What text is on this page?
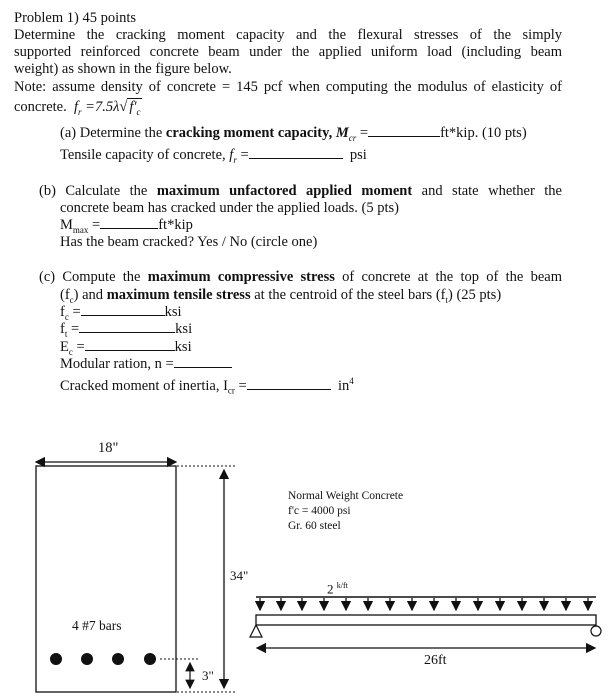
Problem 1) 45 points
Determine the cracking moment capacity and the flexural stresses of the simply
supported reinforced concrete beam under the applied uniform load (including beam
weight) as shown in the figure below.
Note: assume density of concrete = 145 pcf when computing the modulus of elasticity of
concrete. $f_r =7.5\lambda√$ $f'_c$
(a) Determine the cracking moment capacity, $M_{cr}$ =	ft*kip. (10 pts)
Tensile capacity of concrete, $f_r$ =	psi
(b) Calculate the maximum unfactored applied moment and state whether the
concrete beam has cracked under the applied loads. (5 pts)
$M_{max}$ =	ft*kip
Has the beam cracked? Yes / No (circle one)
(c) Compute the maximum compressive stress of concrete at the top of the beam
$(f_c)$ and maximum tensile stress at the centroid of the steel bars $(f_t)$ (25 pts)
$f_c$ =	ksi
$f_t$ =	ksi
$E_c$ =	ksi
Modular ration, n =
Cracked moment of inertia, $I_{cr}$ =	$in^4$
18"
34"
3"
4 #7 bars
Normal Weight Concrete
f'c = 4000 psi
Gr. 60 steel
2 $^{k/ft}$
26ft
